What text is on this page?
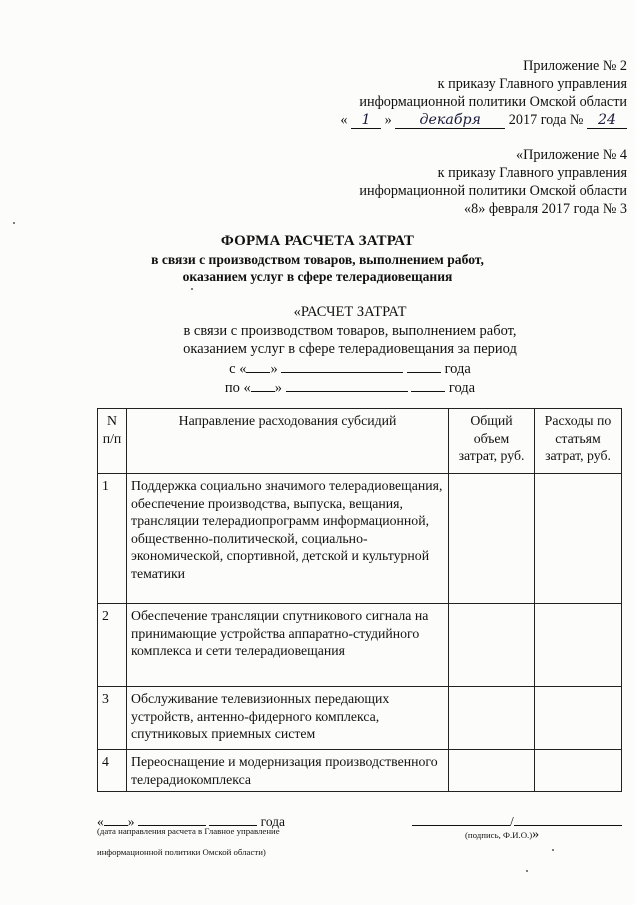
Приложение № 2
к приказу Главного управления
информационной политики Омской области
« 1 » декабря 2017 года № 24
«Приложение № 4
к приказу Главного управления
информационной политики Омской области
«8» февраля 2017 года № 3
ФОРМА РАСЧЕТА ЗАТРАТ
в связи с производством товаров, выполнением работ,
оказанием услуг в сфере телерадиовещания
«РАСЧЕТ ЗАТРАТ
в связи с производством товаров, выполнением работ,
оказанием услуг в сфере телерадиовещания за период
с « »	года
по « »	года
N п/п	Направление расходования субсидий	Общий объем затрат, руб.	Расходы по статьям затрат, руб.
1	Поддержка социально значимого телерадиовещания, обеспечение производства, выпуска, вещания, трансляции телерадиопрограмм информационной, общественно-политической, социально-экономической, спортивной, детской и культурной тематики		
2	Обеспечение трансляции спутникового сигнала на принимающие устройства аппаратно-студийного комплекса и сети телерадиовещания		
3	Обслуживание телевизионных передающих устройств, антенно-фидерного комплекса, спутниковых приемных систем		
4	Переоснащение и модернизация производственного телерадиокомплекса		
« »	года	/
(дата направления расчета в Главное управление
информационной политики Омской области)
(подпись, Ф.И.О.)»
